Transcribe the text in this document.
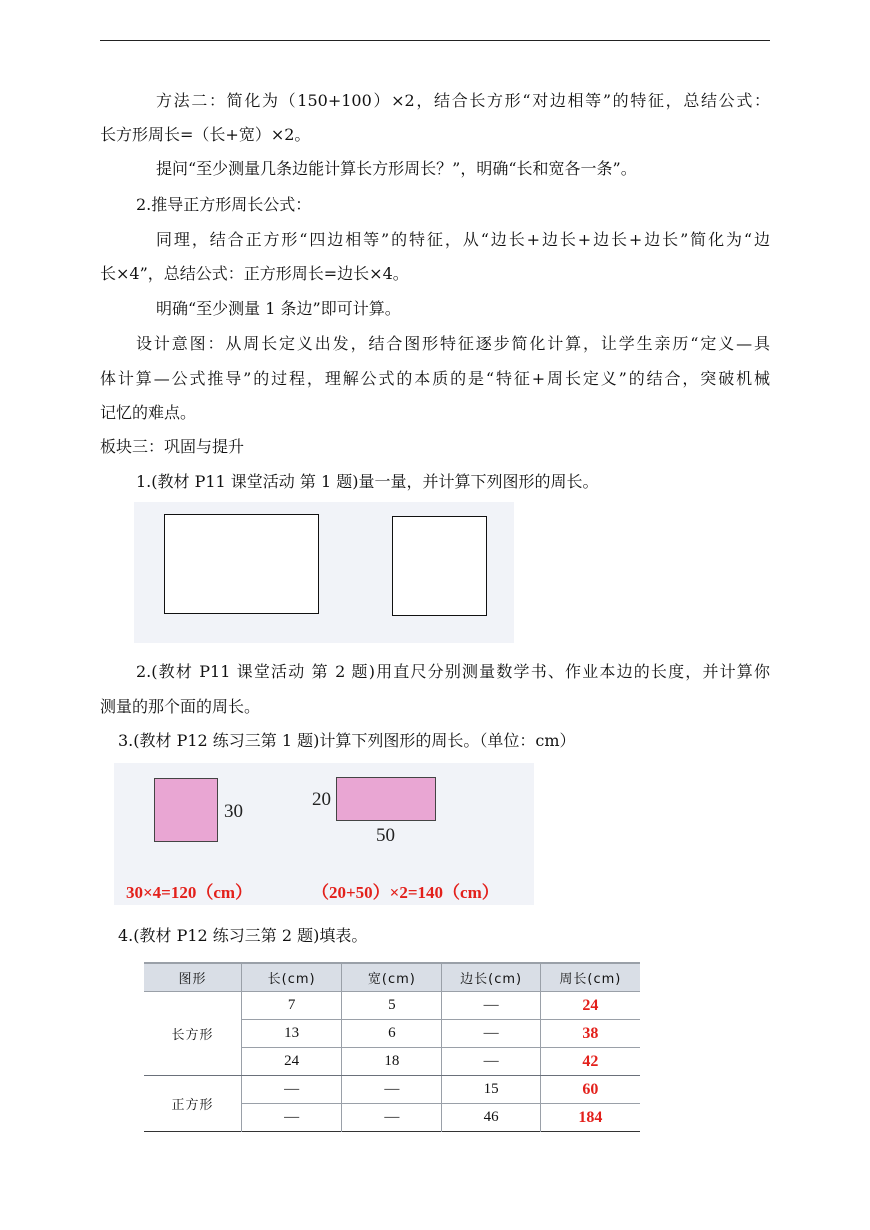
方法二：简化为（150+100）×2，结合长方形“对边相等”的特征，总结公式：
长方形周长=（长+宽）×2。
提问“至少测量几条边能计算长方形周长？”，明确“长和宽各一条”。
2.推导正方形周长公式：
同理，结合正方形“四边相等”的特征，从“边长+边长+边长+边长”简化为“边
长×4”，总结公式：正方形周长=边长×4。
明确“至少测量 1 条边”即可计算。
设计意图：从周长定义出发，结合图形特征逐步简化计算，让学生亲历“定义—具
体计算—公式推导”的过程，理解公式的本质的是“特征+周长定义”的结合，突破机械
记忆的难点。
板块三：巩固与提升
1.(教材 P11 课堂活动 第 1 题)量一量，并计算下列图形的周长。
2.(教材 P11 课堂活动 第 2 题)用直尺分别测量数学书、作业本边的长度，并计算你
测量的那个面的周长。
3.(教材 P12 练习三第 1 题)计算下列图形的周长。（单位：cm）
30
20
50
30×4=120（cm）	（20+50）×2=140（cm）
4.(教材 P12 练习三第 2 题)填表。
图形	长(cm)	宽(cm)	边长(cm)	周长(cm)
长方形	7	5	—	24
	13	6	—	38
	24	18	—	42
正方形	—	—	15	60
	—	—	46	184
